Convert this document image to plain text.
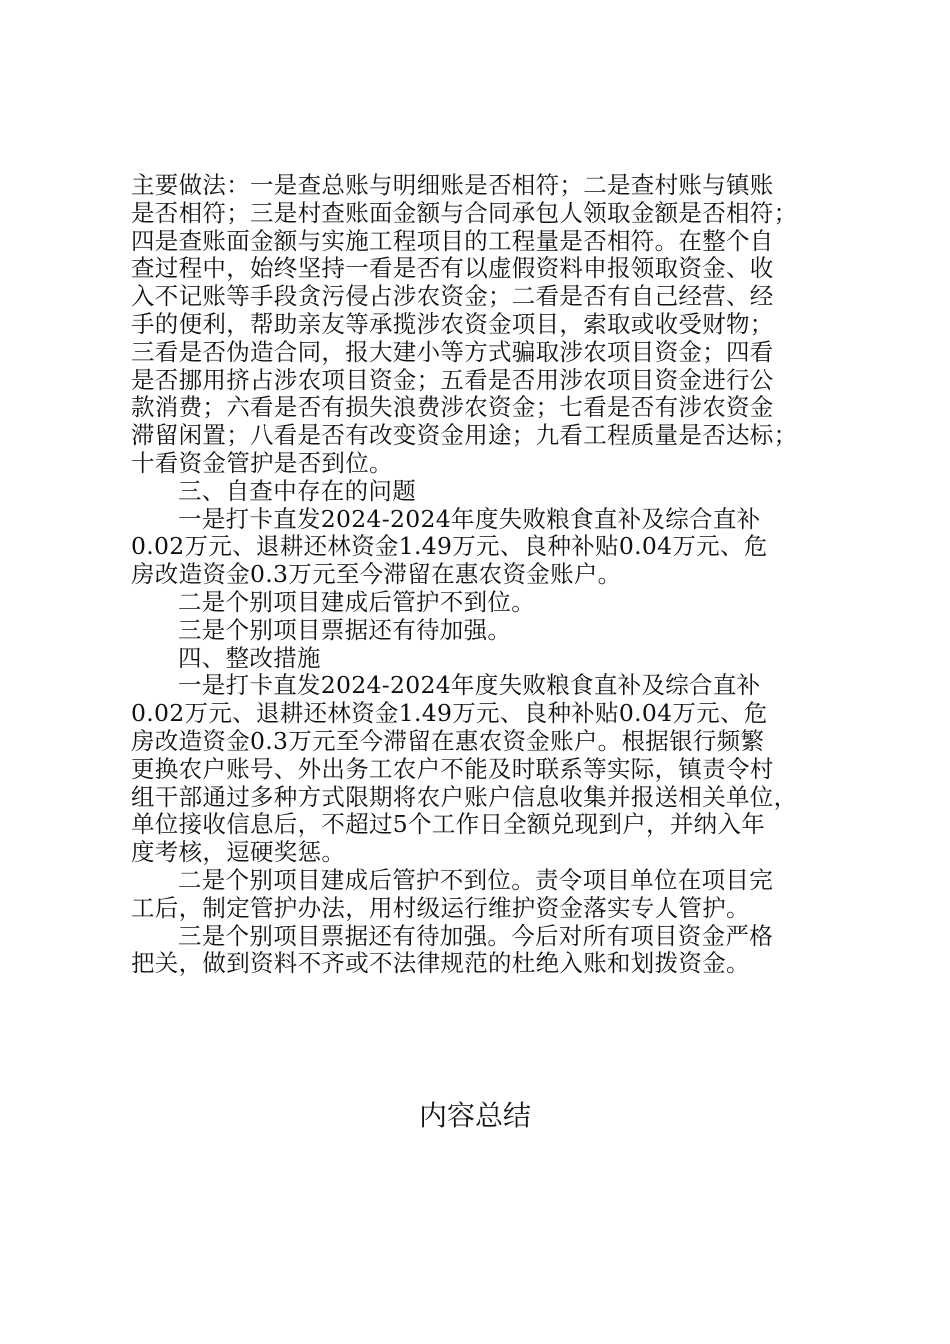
主要做法：一是查总账与明细账是否相符；二是查村账与镇账
是否相符；三是村查账面金额与合同承包人领取金额是否相符；
四是查账面金额与实施工程项目的工程量是否相符。在整个自
查过程中，始终坚持一看是否有以虚假资料申报领取资金、收
入不记账等手段贪污侵占涉农资金；二看是否有自己经营、经
手的便利，帮助亲友等承揽涉农资金项目，索取或收受财物；
三看是否伪造合同，报大建小等方式骗取涉农项目资金；四看
是否挪用挤占涉农项目资金；五看是否用涉农项目资金进行公
款消费；六看是否有损失浪费涉农资金；七看是否有涉农资金
滞留闲置；八看是否有改变资金用途；九看工程质量是否达标；
十看资金管护是否到位。
三、自查中存在的问题
一是打卡直发2024-2024年度失败粮食直补及综合直补
0.02万元、退耕还林资金1.49万元、良种补贴0.04万元、危
房改造资金0.3万元至今滞留在惠农资金账户。
二是个别项目建成后管护不到位。
三是个别项目票据还有待加强。
四、整改措施
一是打卡直发2024-2024年度失败粮食直补及综合直补
0.02万元、退耕还林资金1.49万元、良种补贴0.04万元、危
房改造资金0.3万元至今滞留在惠农资金账户。根据银行频繁
更换农户账号、外出务工农户不能及时联系等实际，镇责令村
组干部通过多种方式限期将农户账户信息收集并报送相关单位，
单位接收信息后，不超过5个工作日全额兑现到户，并纳入年
度考核，逗硬奖惩。
二是个别项目建成后管护不到位。责令项目单位在项目完
工后，制定管护办法，用村级运行维护资金落实专人管护。
三是个别项目票据还有待加强。今后对所有项目资金严格
把关，做到资料不齐或不法律规范的杜绝入账和划拨资金。
内容总结
